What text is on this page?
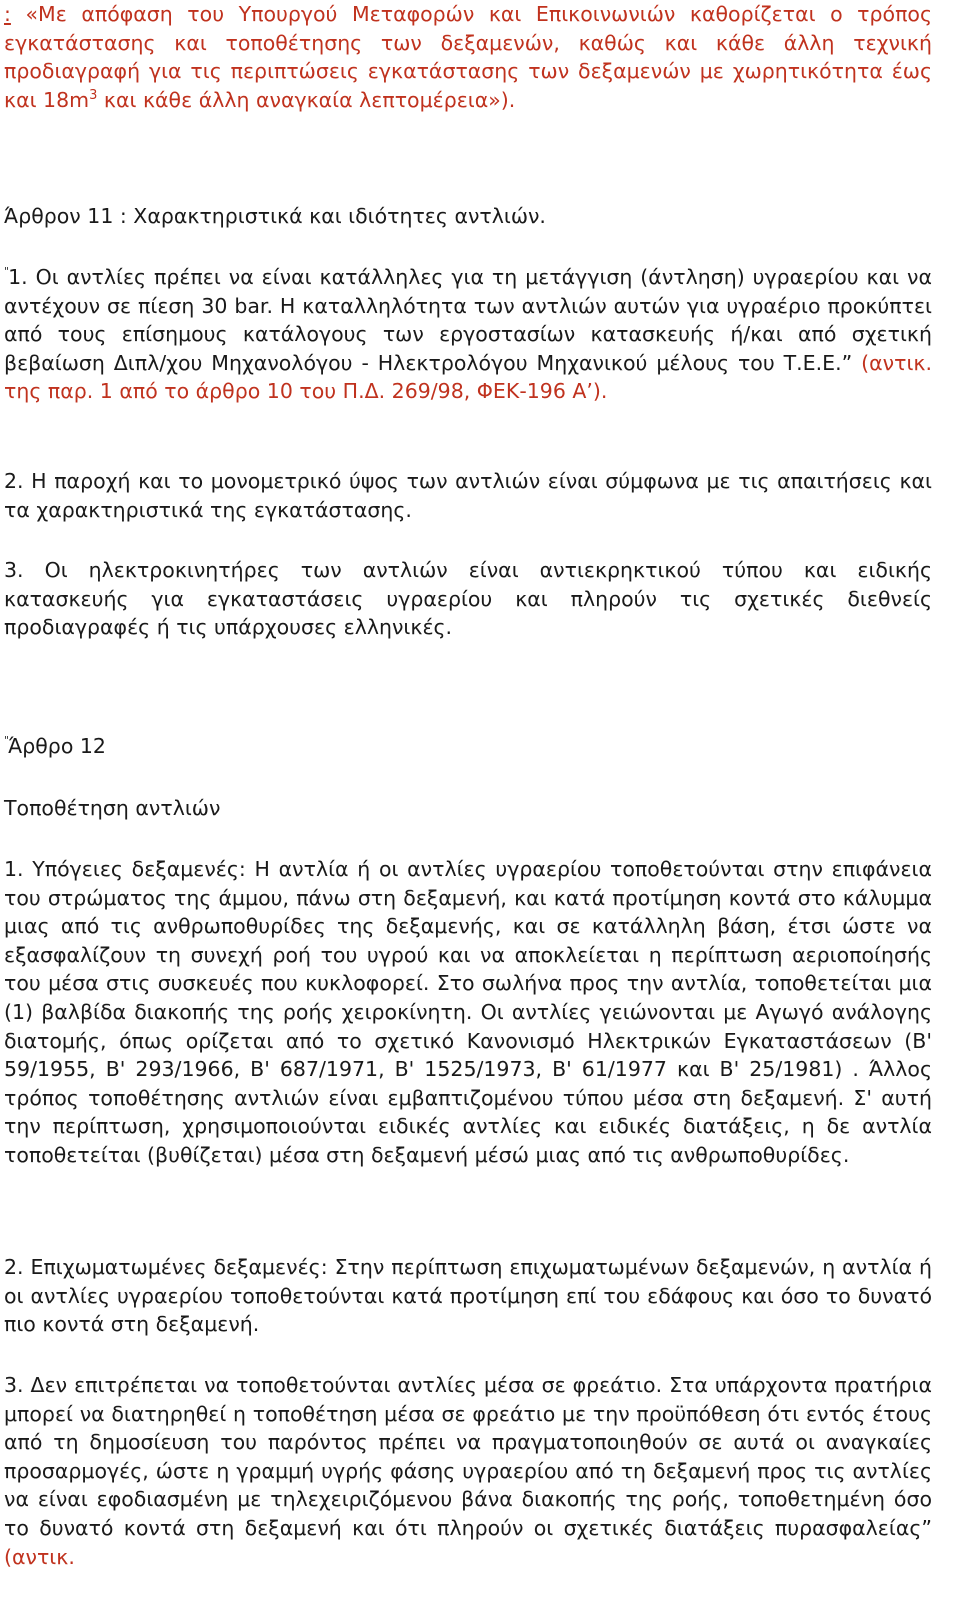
: «Με απόφαση του Υπουργού Μεταφορών και Επικοινωνιών καθορίζεται ο τρόπος εγκατάστασης και τοποθέτησης των δεξαμενών, καθώς και κάθε άλλη τεχνική προδιαγραφή για τις περιπτώσεις εγκατάστασης των δεξαμενών με χωρητικότητα έως και $18m^3$ και κάθε άλλη αναγκαία λεπτομέρεια»).

Άρθρον 11 : Χαρακτηριστικά και ιδιότητες αντλιών.

"1. Οι αντλίες πρέπει να είναι κατάλληλες για τη μετάγγιση (άντληση) υγραερίου και να αντέχουν σε πίεση 30 bar. Η καταλληλότητα των αντλιών αυτών για υγραέριο προκύπτει από τους επίσημους κατάλογους των εργοστασίων κατασκευής ή/και από σχετική βεβαίωση Διπλ/χου Μηχανολόγου - Ηλεκτρολόγου Μηχανικού μέλους του Τ.Ε.Ε.” (αντικ. της παρ. 1 από το άρθρο 10 του Π.Δ. 269/98, ΦΕΚ-196 Α’).

2. Η παροχή και το μονομετρικό ύψος των αντλιών είναι σύμφωνα με τις απαιτήσεις και τα χαρακτηριστικά της εγκατάστασης.

3. Οι ηλεκτροκινητήρες των αντλιών είναι αντιεκρηκτικού τύπου και ειδικής κατασκευής για εγκαταστάσεις υγραερίου και πληρούν τις σχετικές διεθνείς προδιαγραφές ή τις υπάρχουσες ελληνικές.

"Άρθρο 12

Τοποθέτηση αντλιών

1. Υπόγειες δεξαμενές: Η αντλία ή οι αντλίες υγραερίου τοποθετούνται στην επιφάνεια του στρώματος της άμμου, πάνω στη δεξαμενή, και κατά προτίμηση κοντά στο κάλυμμα μιας από τις ανθρωποθυρίδες της δεξαμενής, και σε κατάλληλη βάση, έτσι ώστε να εξασφαλίζουν τη συνεχή ροή του υγρού και να αποκλείεται η περίπτωση αεριοποίησής του μέσα στις συσκευές που κυκλοφορεί. Στο σωλήνα προς την αντλία, τοποθετείται μια (1) βαλβίδα διακοπής της ροής χειροκίνητη. Οι αντλίες γειώνονται με Αγωγό ανάλογης διατομής, όπως ορίζεται από το σχετικό Κανονισμό Ηλεκτρικών Εγκαταστάσεων (Β' 59/1955, Β' 293/1966, Β' 687/1971, Β' 1525/1973, Β' 61/1977 και Β' 25/1981) . Άλλος τρόπος τοποθέτησης αντλιών είναι εμβαπτιζομένου τύπου μέσα στη δεξαμενή. Σ' αυτή την περίπτωση, χρησιμοποιούνται ειδικές αντλίες και ειδικές διατάξεις, η δε αντλία τοποθετείται (βυθίζεται) μέσα στη δεξαμενή μέσώ μιας από τις ανθρωποθυρίδες.

2. Επιχωματωμένες δεξαμενές: Στην περίπτωση επιχωματωμένων δεξαμενών, η αντλία ή οι αντλίες υγραερίου τοποθετούνται κατά προτίμηση επί του εδάφους και όσο το δυνατό πιο κοντά στη δεξαμενή.

3. Δεν επιτρέπεται να τοποθετούνται αντλίες μέσα σε φρεάτιο. Στα υπάρχοντα πρατήρια μπορεί να διατηρηθεί η τοποθέτηση μέσα σε φρεάτιο με την προϋπόθεση ότι εντός έτους από τη δημοσίευση του παρόντος πρέπει να πραγματοποιηθούν σε αυτά οι αναγκαίες προσαρμογές, ώστε η γραμμή υγρής φάσης υγραερίου από τη δεξαμενή προς τις αντλίες να είναι εφοδιασμένη με τηλεχειριζόμενου βάνα διακοπής της ροής, τοποθετημένη όσο το δυνατό κοντά στη δεξαμενή και ότι πληρούν οι σχετικές διατάξεις πυρασφαλείας” (αντικ.
